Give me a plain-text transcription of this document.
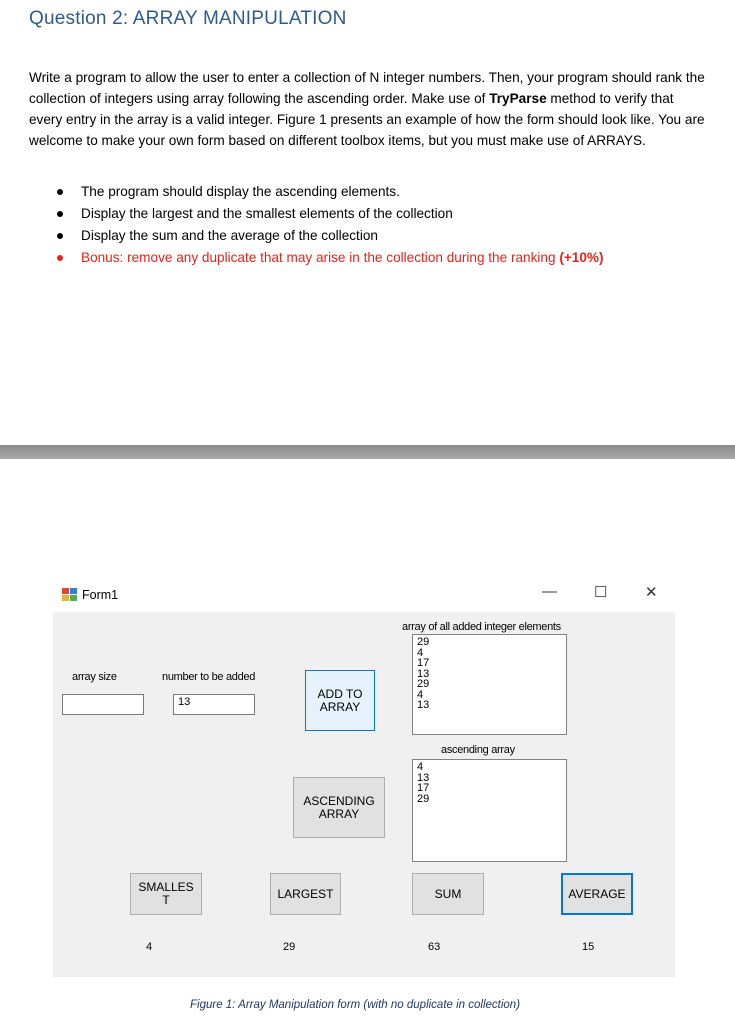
Question 2: ARRAY MANIPULATION
Write a program to allow the user to enter a collection of N integer numbers. Then, your program should rank the collection of integers using array following the ascending order. Make use of TryParse method to verify that every entry in the array is a valid integer. Figure 1 presents an example of how the form should look like. You are welcome to make your own form based on different toolbox items, but you must make use of ARRAYS.
The program should display the ascending elements.
Display the largest and the smallest elements of the collection
Display the sum and the average of the collection
Bonus: remove any duplicate that may arise in the collection during the ranking (+10%)
Form1	— ☐	✕
array size	number to be added
13
ADD TO ARRAY
array of all added integer elements
29
4
17
13
29
4
13
ascending array
4
13
17
29
ASCENDING ARRAY
SMALLES T	LARGEST	SUM	AVERAGE
4	29	63	15
Figure 1: Array Manipulation form (with no duplicate in collection)
